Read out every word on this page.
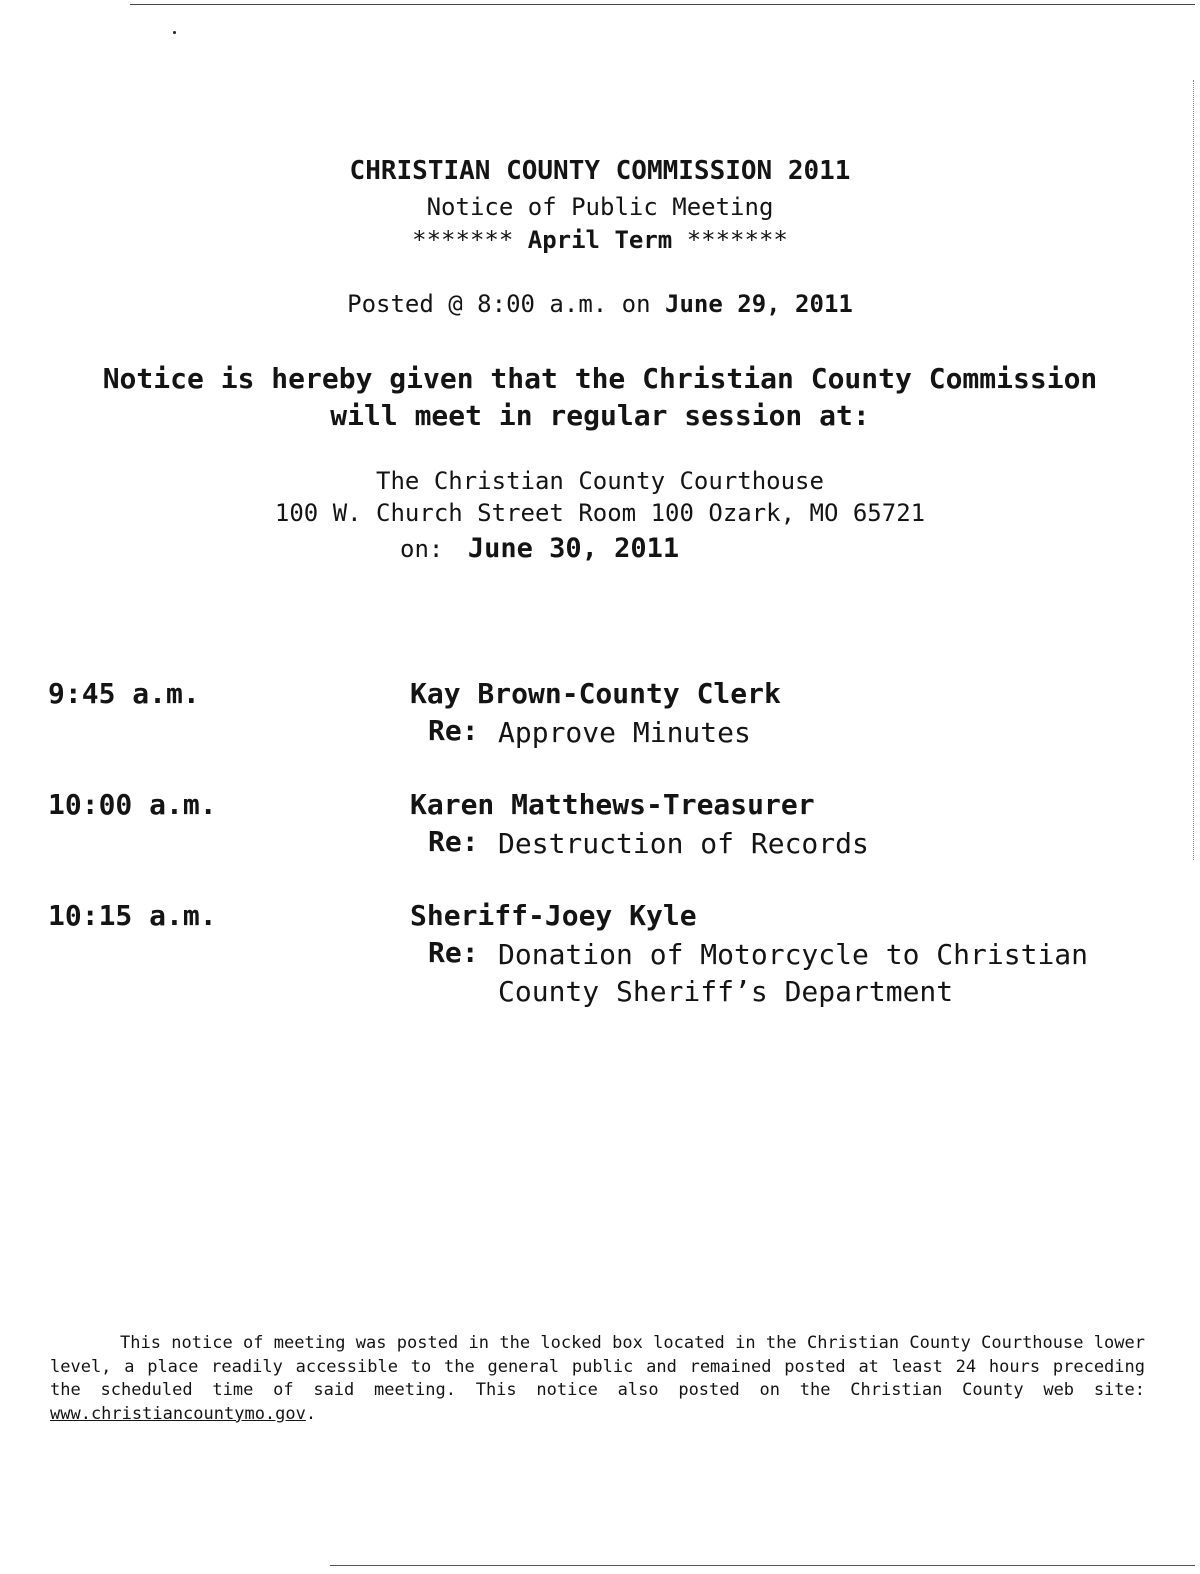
CHRISTIAN COUNTY COMMISSION 2011
Notice of Public Meeting
******* April Term *******
Posted @ 8:00 a.m. on June 29, 2011
Notice is hereby given that the Christian County Commission
will meet in regular session at:
The Christian County Courthouse
100 W. Church Street Room 100 Ozark, MO 65721
on: June 30, 2011
9:45 a.m.	Kay Brown-County Clerk
Re: Approve Minutes
10:00 a.m.	Karen Matthews-Treasurer
Re: Destruction of Records
10:15 a.m.	Sheriff-Joey Kyle
Re: Donation of Motorcycle to Christian
County Sheriff’s Department
This notice of meeting was posted in the locked box located in the Christian County Courthouse lower level, a place readily accessible to the general public and remained posted at least 24 hours preceding the scheduled time of said meeting. This notice also posted on the Christian County web site: www.christiancountymo.gov.
